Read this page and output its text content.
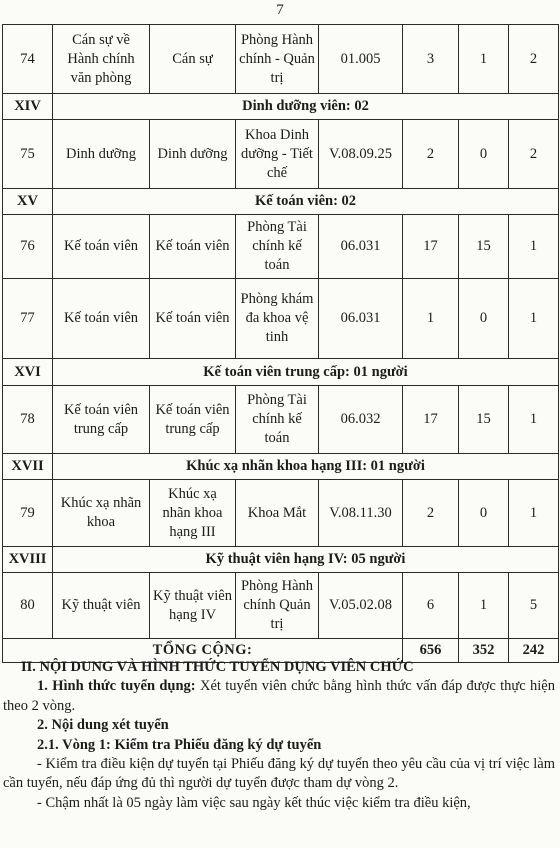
7
74	Cán sự về Hành chính văn phòng	Cán sự	Phòng Hành chính - Quản trị	01.005	3	1	2
XIV	Dinh dưỡng viên: 02						
75	Dinh dưỡng	Dinh dưỡng	Khoa Dinh dưỡng - Tiết chế	V.08.09.25	2	0	2
XV	Kế toán viên: 02						
76	Kế toán viên	Kế toán viên	Phòng Tài chính kế toán	06.031	17	15	1
77	Kế toán viên	Kế toán viên	Phòng khám đa khoa vệ tinh	06.031	1	0	1
XVI	Kế toán viên trung cấp: 01 người						
78	Kế toán viên trung cấp	Kế toán viên trung cấp	Phòng Tài chính kế toán	06.032	17	15	1
XVII	Khúc xạ nhãn khoa hạng III: 01 người						
79	Khúc xạ nhãn khoa	Khúc xạ nhãn khoa hạng III	Khoa Mắt	V.08.11.30	2	0	1
XVIII	Kỹ thuật viên hạng IV: 05 người						
80	Kỹ thuật viên	Kỹ thuật viên hạng IV	Phòng Hành chính Quản trị	V.05.02.08	6	1	5
TỔNG CỘNG:					656	352	242

II. NỘI DUNG VÀ HÌNH THỨC TUYỂN DỤNG VIÊN CHỨC

1. Hình thức tuyển dụng: Xét tuyển viên chức bằng hình thức vấn đáp được thực hiện theo 2 vòng.

2. Nội dung xét tuyển

2.1. Vòng 1: Kiểm tra Phiếu đăng ký dự tuyển

- Kiểm tra điều kiện dự tuyển tại Phiếu đăng ký dự tuyển theo yêu cầu của vị trí việc làm cần tuyển, nếu đáp ứng đủ thì người dự tuyển được tham dự vòng 2.

- Chậm nhất là 05 ngày làm việc sau ngày kết thúc việc kiểm tra điều kiện,
